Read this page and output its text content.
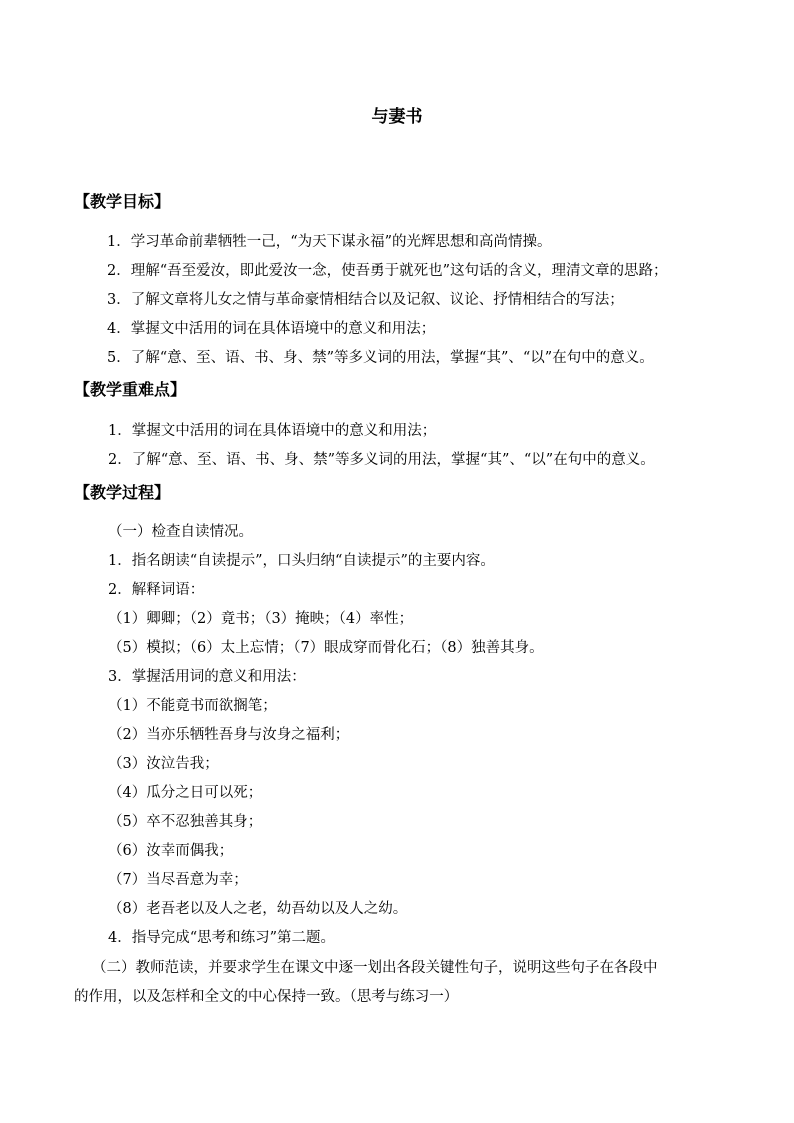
与妻书
【教学目标】
1．学习革命前辈牺牲一己，“为天下谋永福”的光辉思想和高尚情操。
2．理解“吾至爱汝，即此爱汝一念，使吾勇于就死也”这句话的含义，理清文章的思路；
3．了解文章将儿女之情与革命豪情相结合以及记叙、议论、抒情相结合的写法；
4．掌握文中活用的词在具体语境中的意义和用法；
5．了解“意、至、语、书、身、禁”等多义词的用法，掌握“其”、“以”在句中的意义。
【教学重难点】
1．掌握文中活用的词在具体语境中的意义和用法；
2．了解“意、至、语、书、身、禁”等多义词的用法，掌握“其”、“以”在句中的意义。
【教学过程】
（一）检查自读情况。
1．指名朗读“自读提示”，口头归纳“自读提示”的主要内容。
2．解释词语：
（1）卿卿；（2）竟书；（3）掩映；（4）率性；
（5）模拟；（6）太上忘情；（7）眼成穿而骨化石；（8）独善其身。
3．掌握活用词的意义和用法：
（1）不能竟书而欲搁笔；
（2）当亦乐牺牲吾身与汝身之福利；
（3）汝泣告我；
（4）瓜分之日可以死；
（5）卒不忍独善其身；
（6）汝幸而偶我；
（7）当尽吾意为幸；
（8）老吾老以及人之老，幼吾幼以及人之幼。
4．指导完成“思考和练习”第二题。
（二）教师范读，并要求学生在课文中逐一划出各段关键性句子，说明这些句子在各段中
的作用，以及怎样和全文的中心保持一致。（思考与练习一）
